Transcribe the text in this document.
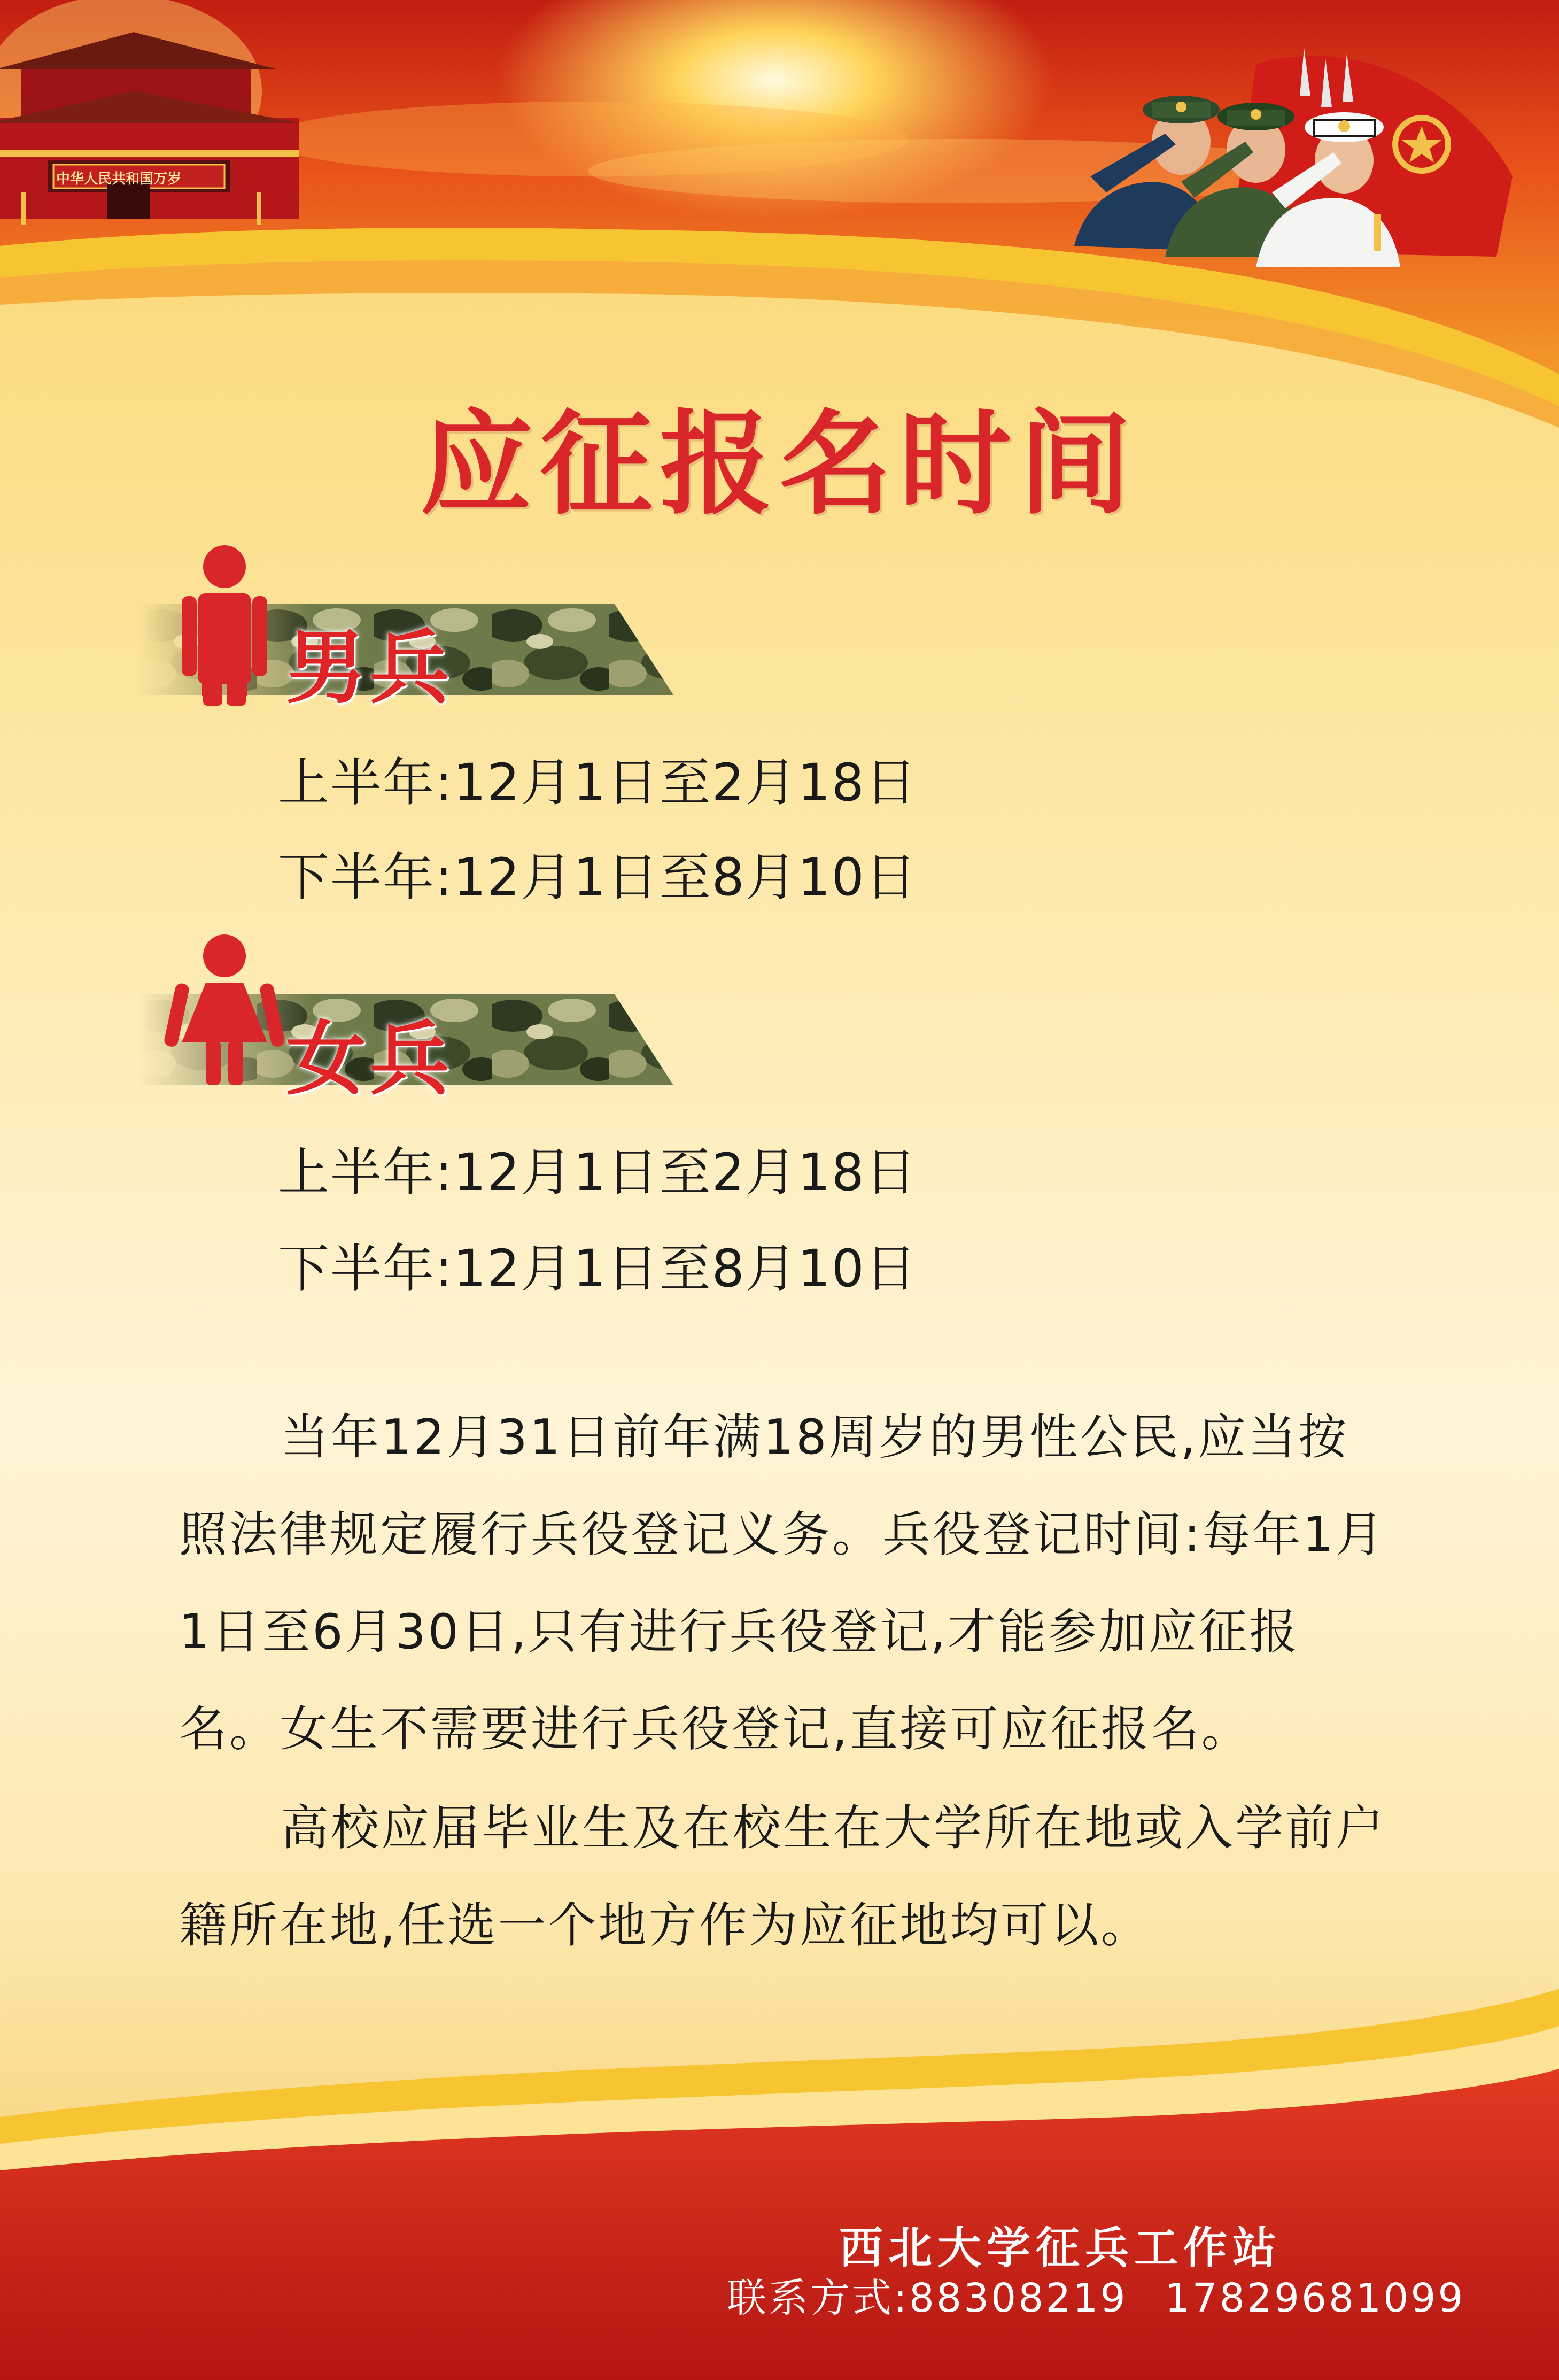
中华人民共和国万岁
应征报名时间
男兵
上半年:12月1日至2月18日
下半年:12月1日至8月10日
女兵
上半年:12月1日至2月18日
下半年:12月1日至8月10日
当年12月31日前年满18周岁的男性公民,应当按照法律规定履行兵役登记义务。兵役登记时间:每年1月1日至6月30日,只有进行兵役登记,才能参加应征报名。女生不需要进行兵役登记,直接可应征报名。
高校应届毕业生及在校生在大学所在地或入学前户籍所在地,任选一个地方作为应征地均可以。
西北大学征兵工作站
联系方式:88308219 17829681099
